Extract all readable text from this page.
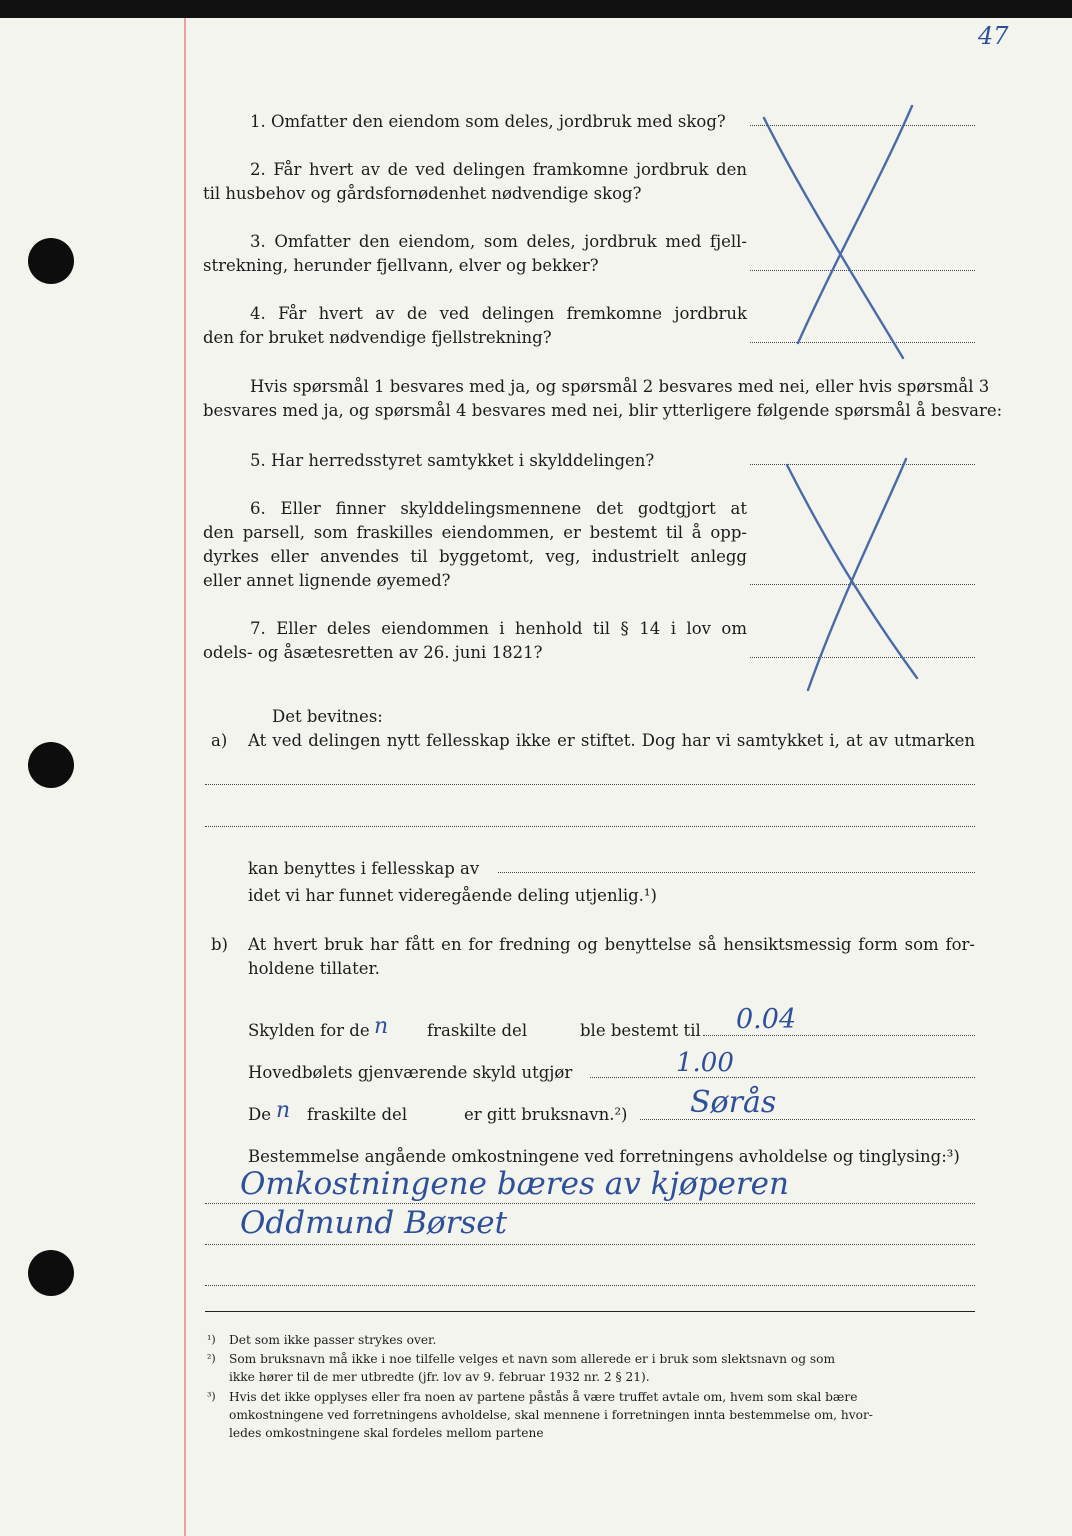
47
1. Omfatter den eiendom som deles, jordbruk med skog?
2. Får hvert av de ved delingen framkomne jordbruk den
til husbehov og gårdsfornødenhet nødvendige skog?
3. Omfatter den eiendom, som deles, jordbruk med fjell-
strekning, herunder fjellvann, elver og bekker?
4. Får hvert av de ved delingen fremkomne jordbruk
den for bruket nødvendige fjellstrekning?
Hvis spørsmål 1 besvares med ja, og spørsmål 2 besvares med nei, eller hvis spørsmål 3
besvares med ja, og spørsmål 4 besvares med nei, blir ytterligere følgende spørsmål å besvare:
5. Har herredsstyret samtykket i skylddelingen?
6. Eller finner skylddelingsmennene det godtgjort at
den parsell, som fraskilles eiendommen, er bestemt til å opp-
dyrkes eller anvendes til byggetomt, veg, industrielt anlegg
eller annet lignende øyemed?
7. Eller deles eiendommen i henhold til § 14 i lov om
odels- og åsætesretten av 26. juni 1821?
Det bevitnes:
a) At ved delingen nytt fellesskap ikke er stiftet. Dog har vi samtykket i, at av utmarken
kan benyttes i fellesskap av
idet vi har funnet videregående deling utjenlig.¹)
b) At hvert bruk har fått en for fredning og benyttelse så hensiktsmessig form som for-
holdene tillater.
Skylden for de n fraskilte del	ble bestemt til 0.04
Hovedbølets gjenværende skyld utgjør	1.00
De n fraskilte del	er gitt bruksnavn.²) Sørås
Bestemmelse angående omkostningene ved forretningens avholdelse og tinglysing:³)
Omkostningene bæres av kjøperen
Oddmund Børset
¹) Det som ikke passer strykes over.
²) Som bruksnavn må ikke i noe tilfelle velges et navn som allerede er i bruk som slektsnavn og som
ikke hører til de mer utbredte (jfr. lov av 9. februar 1932 nr. 2 § 21).
³) Hvis det ikke opplyses eller fra noen av partene påstås å være truffet avtale om, hvem som skal bære
omkostningene ved forretningens avholdelse, skal mennene i forretningen innta bestemmelse om, hvor-
ledes omkostningene skal fordeles mellom partene
